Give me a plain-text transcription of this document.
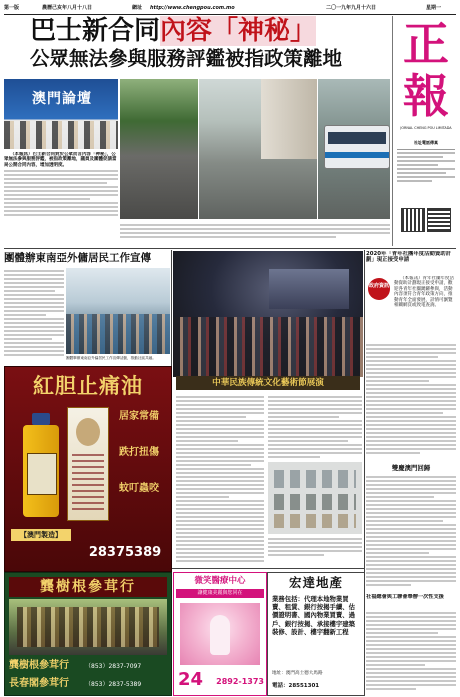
第一版	農曆己亥年八月十八日	網址 http://www.chengpou.com.mo	二〇一九年九月十六日	星期一
巴士新合同內容「神秘」
公眾無法參與服務評鑑被指政策離地	正
報
JORNAL CHENG POU LIMITADA
社址電話傳真
澳門論壇

（本報訊）巴士新合同對於公眾而言內容「神秘」，公眾無法參與服務評鑑，被指政策離地，議員及團體促請當局公開合同內容，增加透明度。

團體辦東南亞外傭居民工作宣傳
團體舉辦東南亞外傭居民工作宣傳活動，推動社區共融。
中華民族傳統文化藝術節展演
2020年「青年社團年度活動資助計劃」現正接受申請
政府資訊

（本報訊）青年社團年度活動資助計劃現正接受申請，歡迎各青年社團踴躍參與，活動內容須符合青年政策方向，推動青年全面發展，詳情可瀏覽相關網頁或致電查詢。

雙慶澳門回歸
社福總會與工聯會舉辦一次性支援
紅胆止痛油
居家常備
跌打扭傷
蚊叮蟲咬
【澳門製造】
28375389
龔樹根參茸行
龔樹根參茸行	（853）2837-7097
長春閣參茸行	（853）2837-5389
微笑醫療中心
讓健康美麗與您同在
24	2892-1373
宏達地產
業務包括：代理本地物業買賣、租賃、銀行按揭手續、估價證明書、國內物業買賣、過戶、銀行按揭、承接樓宇建築裝修、設計、樓宇翻新工程
地址：澳門高士德大馬路
電話：28551301
